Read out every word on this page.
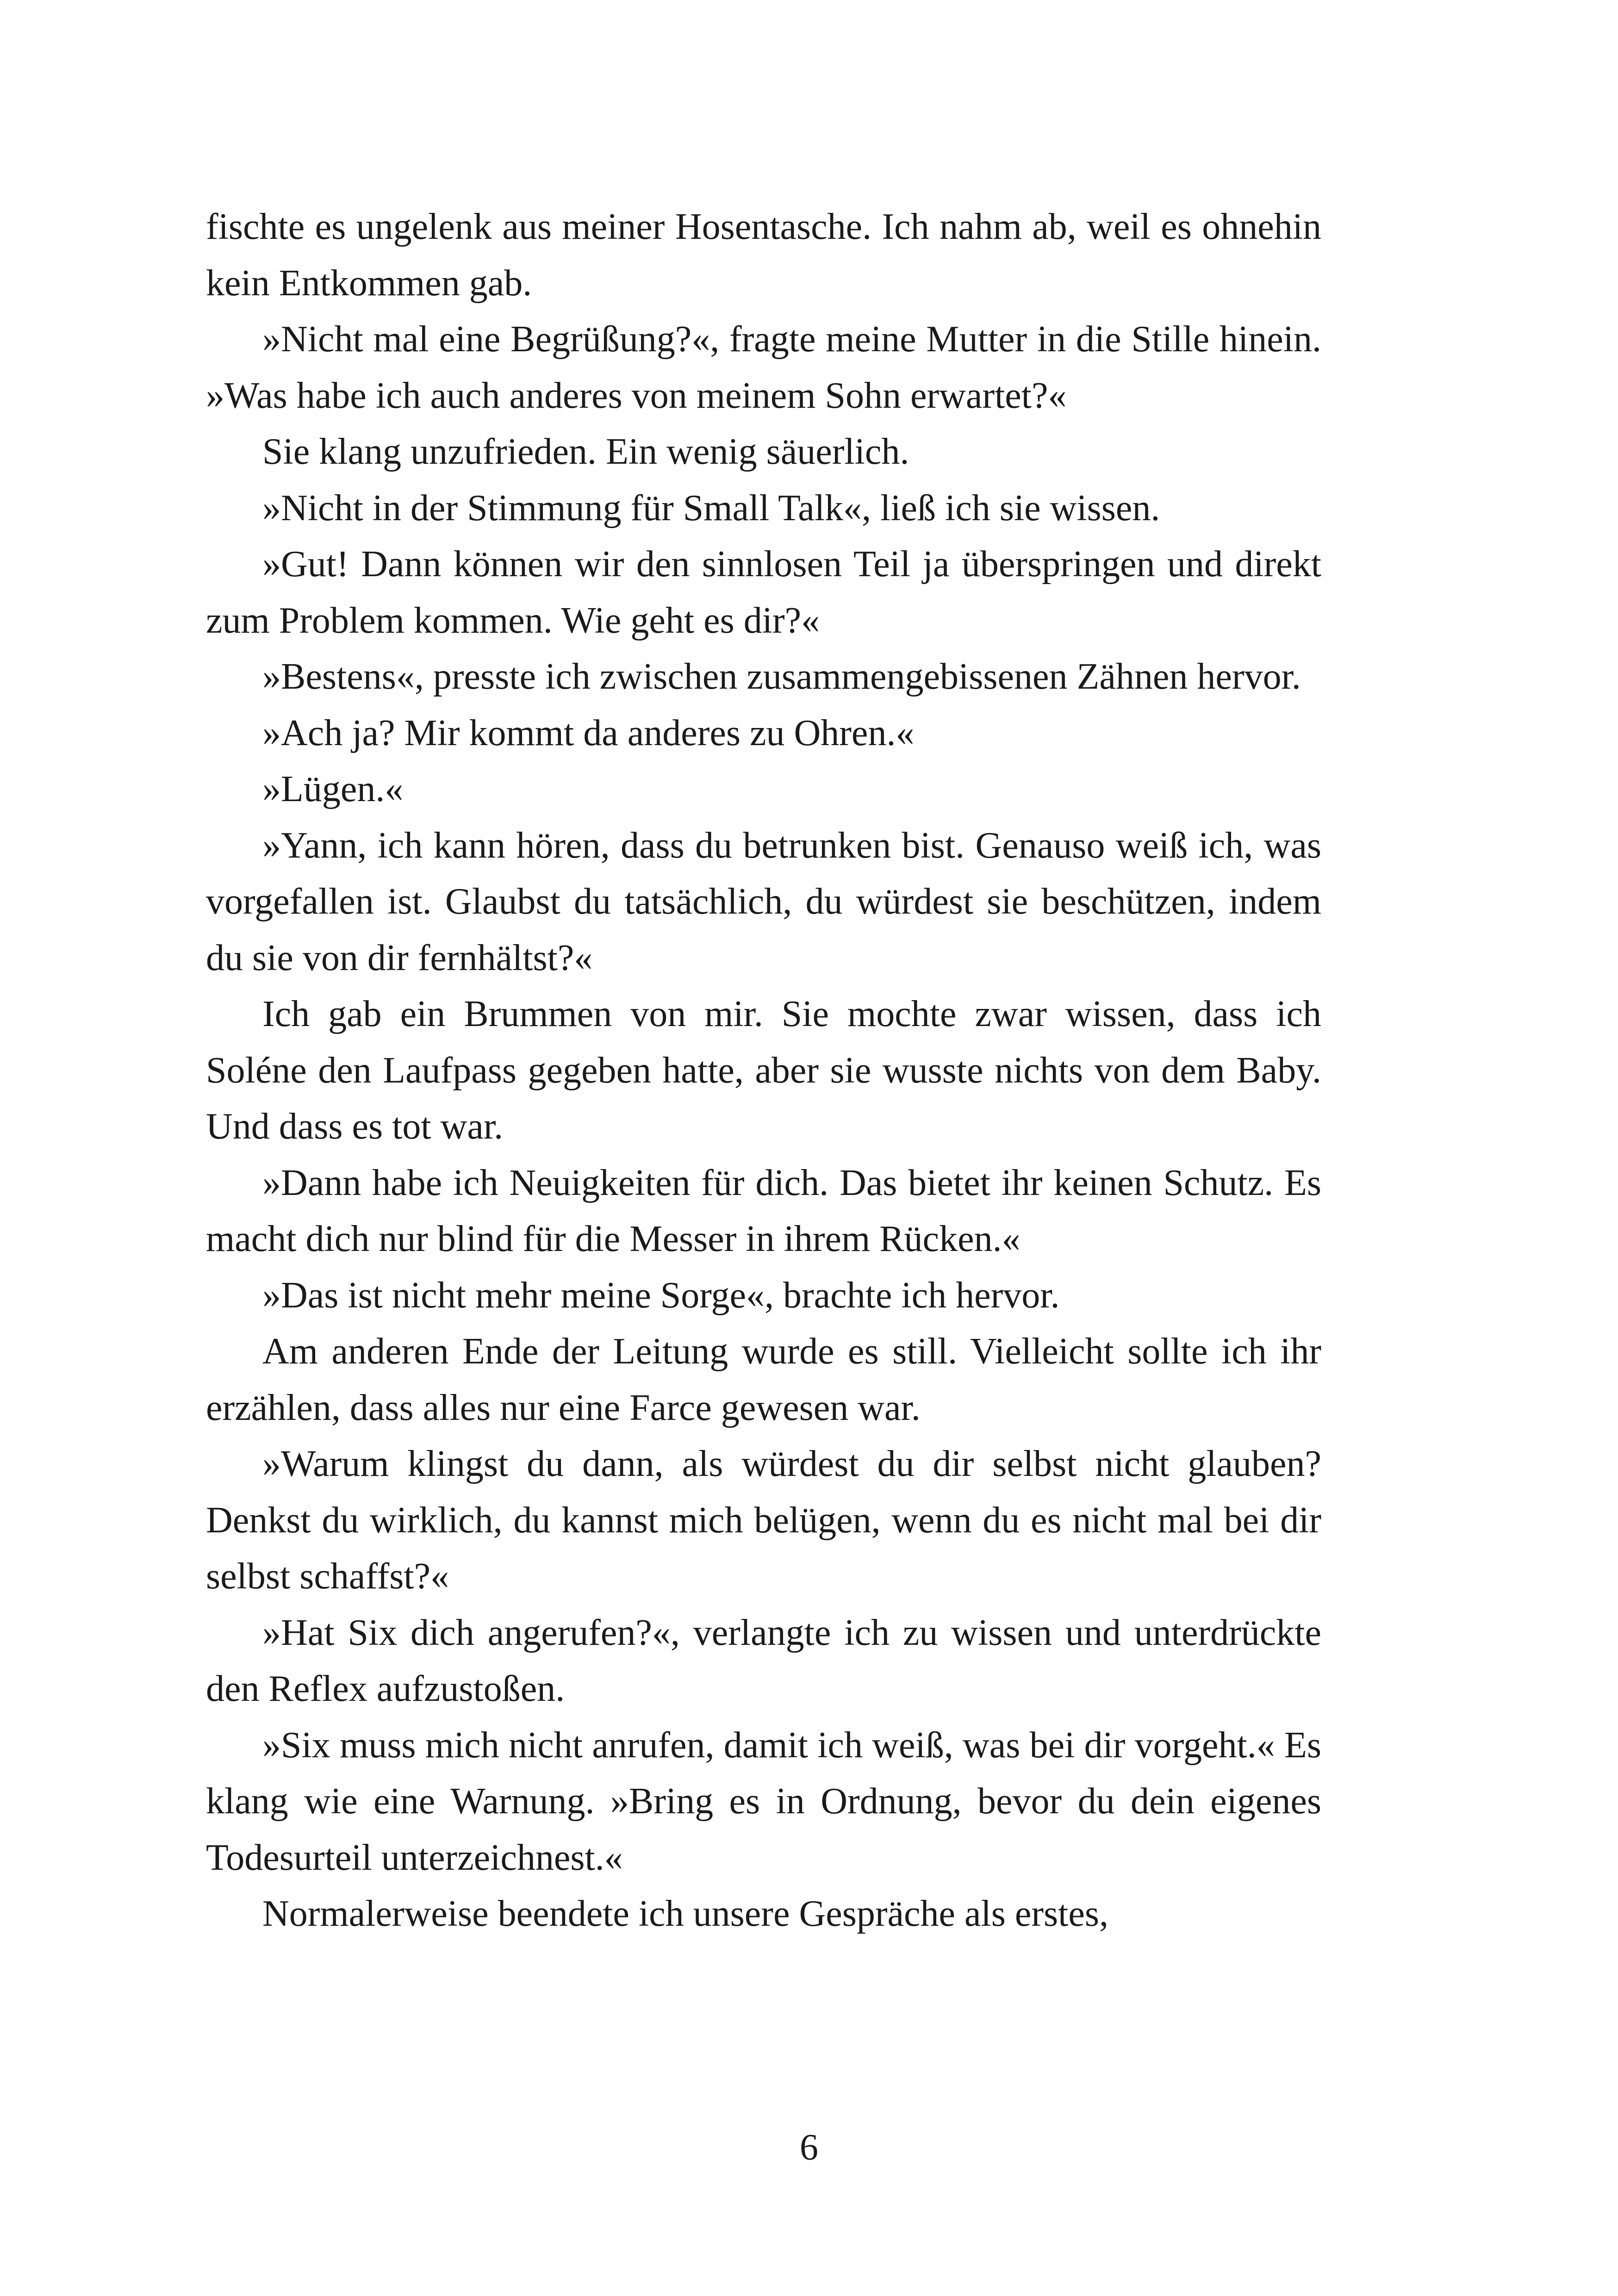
fischte es ungelenk aus meiner Hosentasche. Ich nahm ab, weil es ohnehin kein Entkommen gab.

»Nicht mal eine Begrüßung?«, fragte meine Mutter in die Stille hinein. »Was habe ich auch anderes von meinem Sohn erwartet?«

Sie klang unzufrieden. Ein wenig säuerlich.

»Nicht in der Stimmung für Small Talk«, ließ ich sie wissen.

»Gut! Dann können wir den sinnlosen Teil ja überspringen und direkt zum Problem kommen. Wie geht es dir?«

»Bestens«, presste ich zwischen zusammengebissenen Zähnen hervor.

»Ach ja? Mir kommt da anderes zu Ohren.«

»Lügen.«

»Yann, ich kann hören, dass du betrunken bist. Genauso weiß ich, was vorgefallen ist. Glaubst du tatsächlich, du würdest sie beschützen, indem du sie von dir fernhältst?«

Ich gab ein Brummen von mir. Sie mochte zwar wissen, dass ich Soléne den Laufpass gegeben hatte, aber sie wusste nichts von dem Baby. Und dass es tot war.

»Dann habe ich Neuigkeiten für dich. Das bietet ihr keinen Schutz. Es macht dich nur blind für die Messer in ihrem Rücken.«

»Das ist nicht mehr meine Sorge«, brachte ich hervor.

Am anderen Ende der Leitung wurde es still. Vielleicht sollte ich ihr erzählen, dass alles nur eine Farce gewesen war.

»Warum klingst du dann, als würdest du dir selbst nicht glauben? Denkst du wirklich, du kannst mich belügen, wenn du es nicht mal bei dir selbst schaffst?«

»Hat Six dich angerufen?«, verlangte ich zu wissen und unterdrückte den Reflex aufzustoßen.

»Six muss mich nicht anrufen, damit ich weiß, was bei dir vorgeht.« Es klang wie eine Warnung. »Bring es in Ordnung, bevor du dein eigenes Todesurteil unterzeichnest.«

Normalerweise beendete ich unsere Gespräche als erstes,

6
